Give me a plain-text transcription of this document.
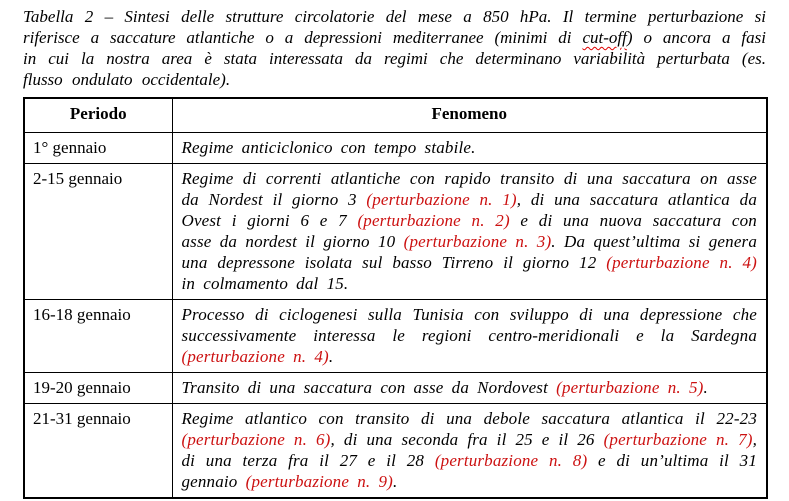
Tabella 2 – Sintesi delle strutture circolatorie del mese a 850 hPa. Il termine perturbazione si riferisce a saccature atlantiche o a depressioni mediterranee (minimi di cut-off) o ancora a fasi in cui la nostra area è stata interessata da regimi che determinano variabilità perturbata (es. flusso ondulato occidentale).

Periodo	Fenomeno
1° gennaio	Regime anticiclonico con tempo stabile.
2-15 gennaio	Regime di correnti atlantiche con rapido transito di una saccatura on asse da Nordest il giorno 3 (perturbazione n. 1), di una saccatura atlantica da Ovest i giorni 6 e 7 (perturbazione n. 2) e di una nuova saccatura con asse da nordest il giorno 10 (perturbazione n. 3). Da quest’ultima si genera una depressone isolata sul basso Tirreno il giorno 12 (perturbazione n. 4) in colmamento dal 15.
16-18 gennaio	Processo di ciclogenesi sulla Tunisia con sviluppo di una depressione che successivamente interessa le regioni centro-meridionali e la Sardegna (perturbazione n. 4).
19-20 gennaio	Transito di una saccatura con asse da Nordovest (perturbazione n. 5).
21-31 gennaio	Regime atlantico con transito di una debole saccatura atlantica il 22-23 (perturbazione n. 6), di una seconda fra il 25 e il 26 (perturbazione n. 7), di una terza fra il 27 e il 28 (perturbazione n. 8) e di un’ultima il 31 gennaio (perturbazione n. 9).
